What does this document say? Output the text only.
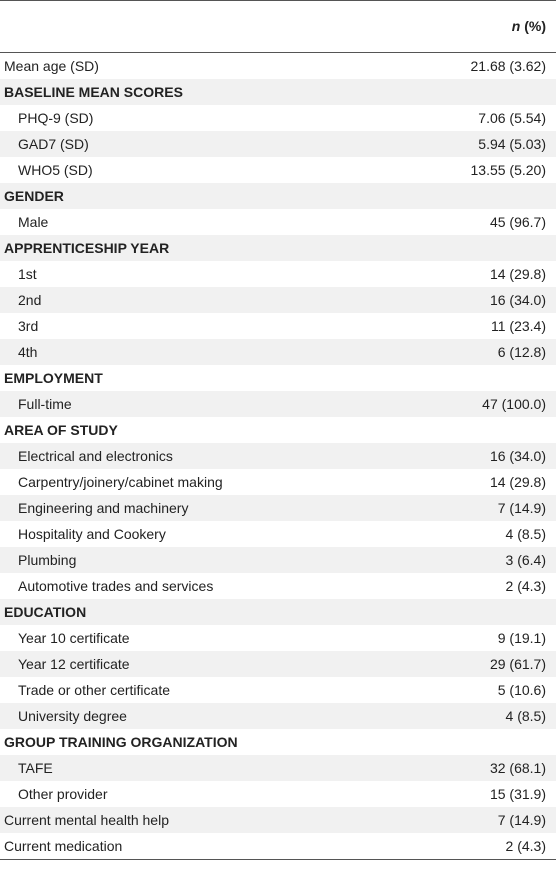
	n (%)
Mean age (SD)	21.68 (3.62)
BASELINE MEAN SCORES	
PHQ-9 (SD)	7.06 (5.54)
GAD7 (SD)	5.94 (5.03)
WHO5 (SD)	13.55 (5.20)
GENDER	
Male	45 (96.7)
APPRENTICESHIP YEAR	
1st	14 (29.8)
2nd	16 (34.0)
3rd	11 (23.4)
4th	6 (12.8)
EMPLOYMENT	
Full-time	47 (100.0)
AREA OF STUDY	
Electrical and electronics	16 (34.0)
Carpentry/joinery/cabinet making	14 (29.8)
Engineering and machinery	7 (14.9)
Hospitality and Cookery	4 (8.5)
Plumbing	3 (6.4)
Automotive trades and services	2 (4.3)
EDUCATION	
Year 10 certificate	9 (19.1)
Year 12 certificate	29 (61.7)
Trade or other certificate	5 (10.6)
University degree	4 (8.5)
GROUP TRAINING ORGANIZATION	
TAFE	32 (68.1)
Other provider	15 (31.9)
Current mental health help	7 (14.9)
Current medication	2 (4.3)
